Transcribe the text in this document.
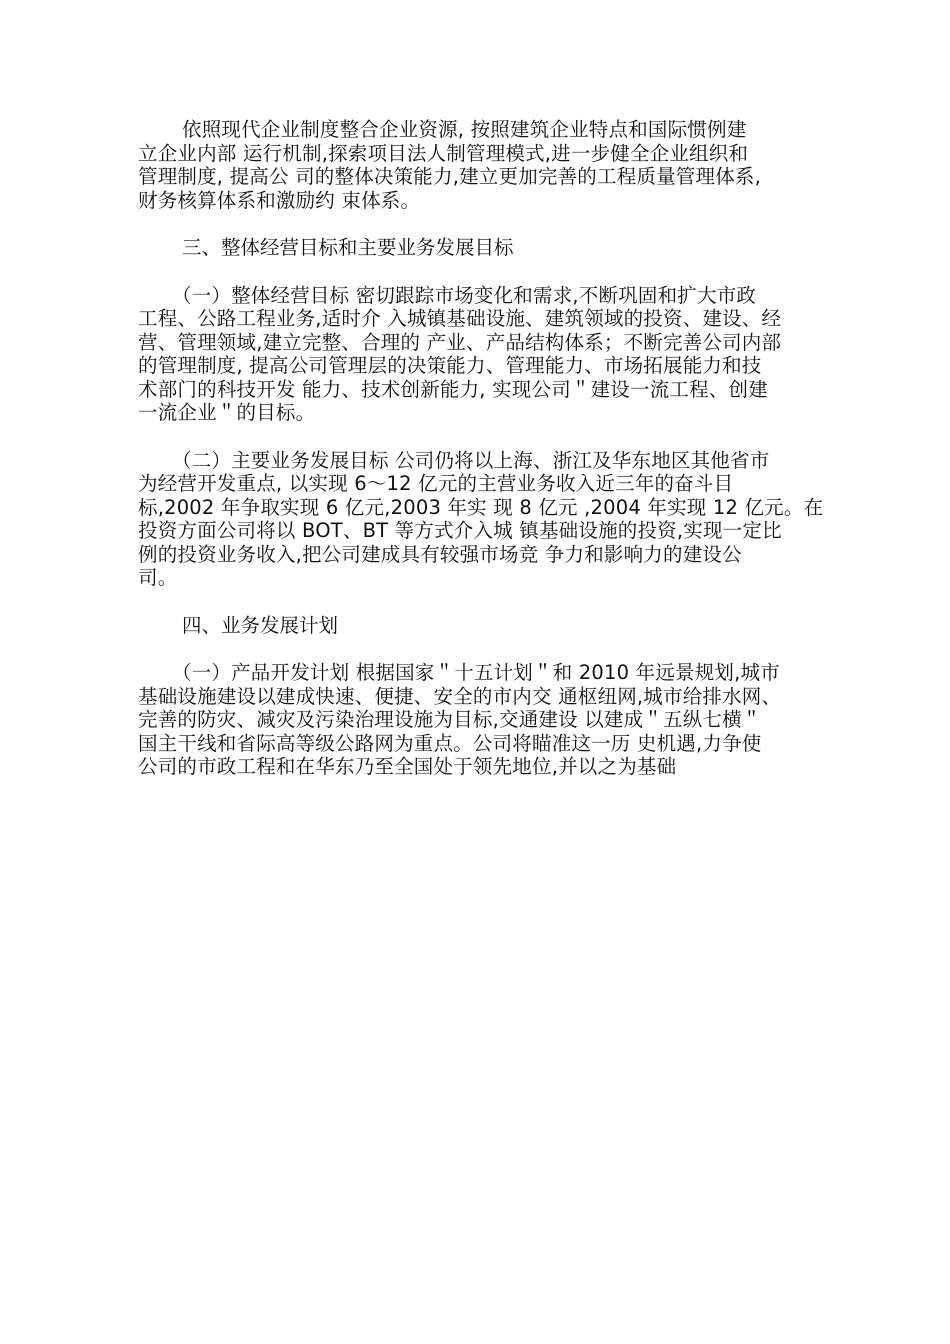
依照现代企业制度整合企业资源, 按照建筑企业特点和国际惯例建
立企业内部 运行机制,探索项目法人制管理模式,进一步健全企业组织和
管理制度, 提高公 司的整体决策能力,建立更加完善的工程质量管理体系,
财务核算体系和激励约 束体系。

三、整体经营目标和主要业务发展目标

（一）整体经营目标 密切跟踪市场变化和需求,不断巩固和扩大市政
工程、公路工程业务,适时介 入城镇基础设施、建筑领域的投资、建设、经
营、管理领域,建立完整、合理的 产业、产品结构体系；不断完善公司内部
的管理制度, 提高公司管理层的决策能力、管理能力、市场拓展能力和技
术部门的科技开发 能力、技术创新能力, 实现公司＂建设一流工程、创建
一流企业＂的目标。

（二）主要业务发展目标 公司仍将以上海、浙江及华东地区其他省市
为经营开发重点, 以实现 6～12 亿元的主营业务收入近三年的奋斗目
标,2002 年争取实现 6 亿元,2003 年实 现 8 亿元 ,2004 年实现 12 亿元。在
投资方面公司将以 BOT、BT 等方式介入城 镇基础设施的投资,实现一定比
例的投资业务收入,把公司建成具有较强市场竞 争力和影响力的建设公
司。

四、业务发展计划

（一）产品开发计划 根据国家＂十五计划＂和 2010 年远景规划,城市
基础设施建设以建成快速、便捷、安全的市内交 通枢纽网,城市给排水网、
完善的防灾、减灾及污染治理设施为目标,交通建设 以建成＂五纵七横＂
国主干线和省际高等级公路网为重点。公司将瞄准这一历 史机遇,力争使
公司的市政工程和在华东乃至全国处于领先地位,并以之为基础
